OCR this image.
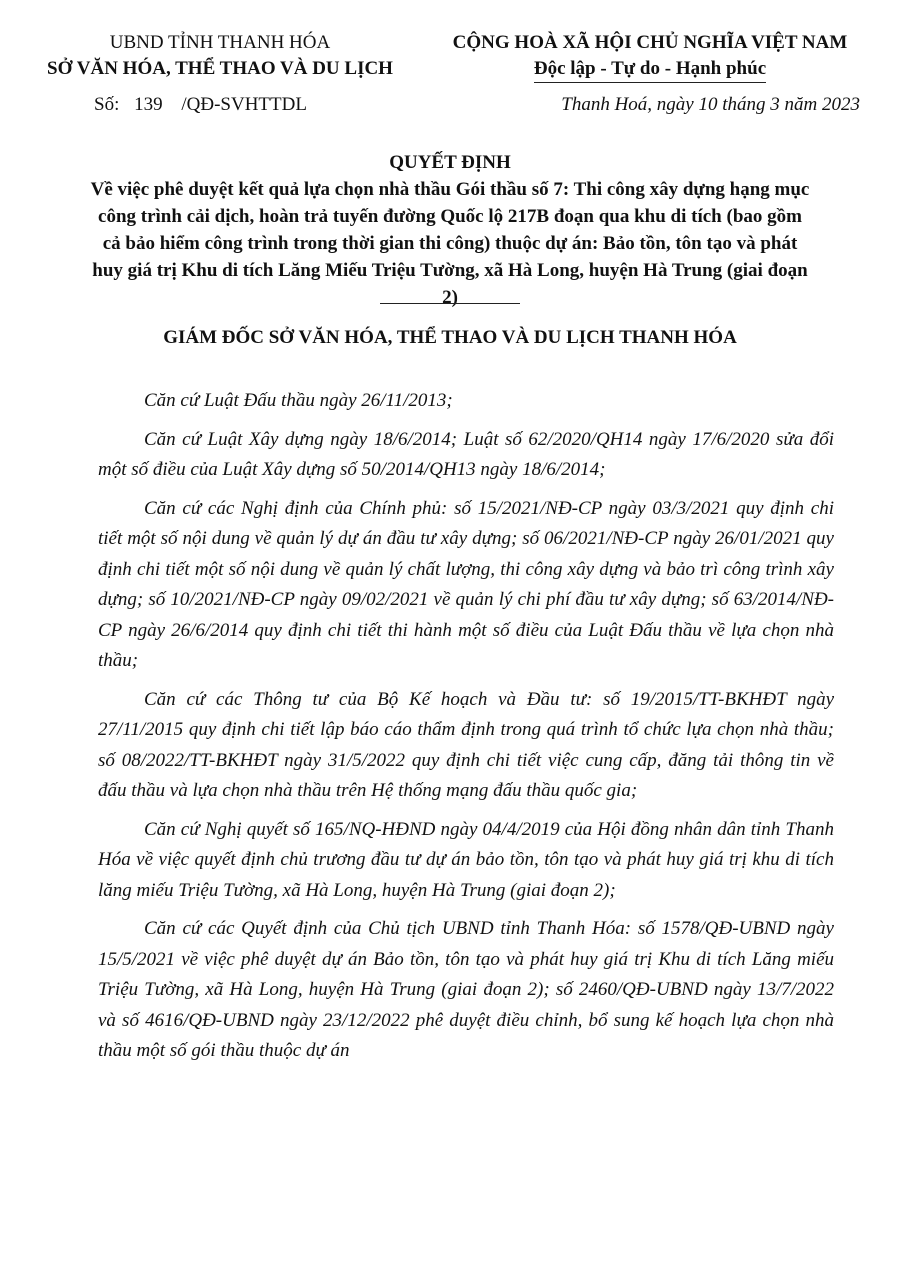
UBND TỈNH THANH HÓA
SỞ VĂN HÓA, THỂ THAO VÀ DU LỊCH
CỘNG HOÀ XÃ HỘI CHỦ NGHĨA VIỆT NAM
Độc lập - Tự do - Hạnh phúc
Số: 139 /QĐ-SVHTTDL	Thanh Hoá, ngày 10 tháng 3 năm 2023
QUYẾT ĐỊNH
Về việc phê duyệt kết quả lựa chọn nhà thầu Gói thầu số 7: Thi công xây dựng hạng mục công trình cải dịch, hoàn trả tuyến đường Quốc lộ 217B đoạn qua khu di tích (bao gồm cả bảo hiểm công trình trong thời gian thi công) thuộc dự án: Bảo tồn, tôn tạo và phát huy giá trị Khu di tích Lăng Miếu Triệu Tường, xã Hà Long, huyện Hà Trung (giai đoạn 2)
GIÁM ĐỐC SỞ VĂN HÓA, THỂ THAO VÀ DU LỊCH THANH HÓA

Căn cứ Luật Đấu thầu ngày 26/11/2013;

Căn cứ Luật Xây dựng ngày 18/6/2014; Luật số 62/2020/QH14 ngày 17/6/2020 sửa đổi một số điều của Luật Xây dựng số 50/2014/QH13 ngày 18/6/2014;

Căn cứ các Nghị định của Chính phủ: số 15/2021/NĐ-CP ngày 03/3/2021 quy định chi tiết một số nội dung về quản lý dự án đầu tư xây dựng; số 06/2021/NĐ-CP ngày 26/01/2021 quy định chi tiết một số nội dung về quản lý chất lượng, thi công xây dựng và bảo trì công trình xây dựng; số 10/2021/NĐ-CP ngày 09/02/2021 về quản lý chi phí đầu tư xây dựng; số 63/2014/NĐ-CP ngày 26/6/2014 quy định chi tiết thi hành một số điều của Luật Đấu thầu về lựa chọn nhà thầu;

Căn cứ các Thông tư của Bộ Kế hoạch và Đầu tư: số 19/2015/TT-BKHĐT ngày 27/11/2015 quy định chi tiết lập báo cáo thẩm định trong quá trình tổ chức lựa chọn nhà thầu; số 08/2022/TT-BKHĐT ngày 31/5/2022 quy định chi tiết việc cung cấp, đăng tải thông tin về đấu thầu và lựa chọn nhà thầu trên Hệ thống mạng đấu thầu quốc gia;

Căn cứ Nghị quyết số 165/NQ-HĐND ngày 04/4/2019 của Hội đồng nhân dân tỉnh Thanh Hóa về việc quyết định chủ trương đầu tư dự án bảo tồn, tôn tạo và phát huy giá trị khu di tích lăng miếu Triệu Tường, xã Hà Long, huyện Hà Trung (giai đoạn 2);

Căn cứ các Quyết định của Chủ tịch UBND tỉnh Thanh Hóa: số 1578/QĐ-UBND ngày 15/5/2021 về việc phê duyệt dự án Bảo tồn, tôn tạo và phát huy giá trị Khu di tích Lăng miếu Triệu Tường, xã Hà Long, huyện Hà Trung (giai đoạn 2); số 2460/QĐ-UBND ngày 13/7/2022 và số 4616/QĐ-UBND ngày 23/12/2022 phê duyệt điều chỉnh, bổ sung kế hoạch lựa chọn nhà thầu một số gói thầu thuộc dự án
